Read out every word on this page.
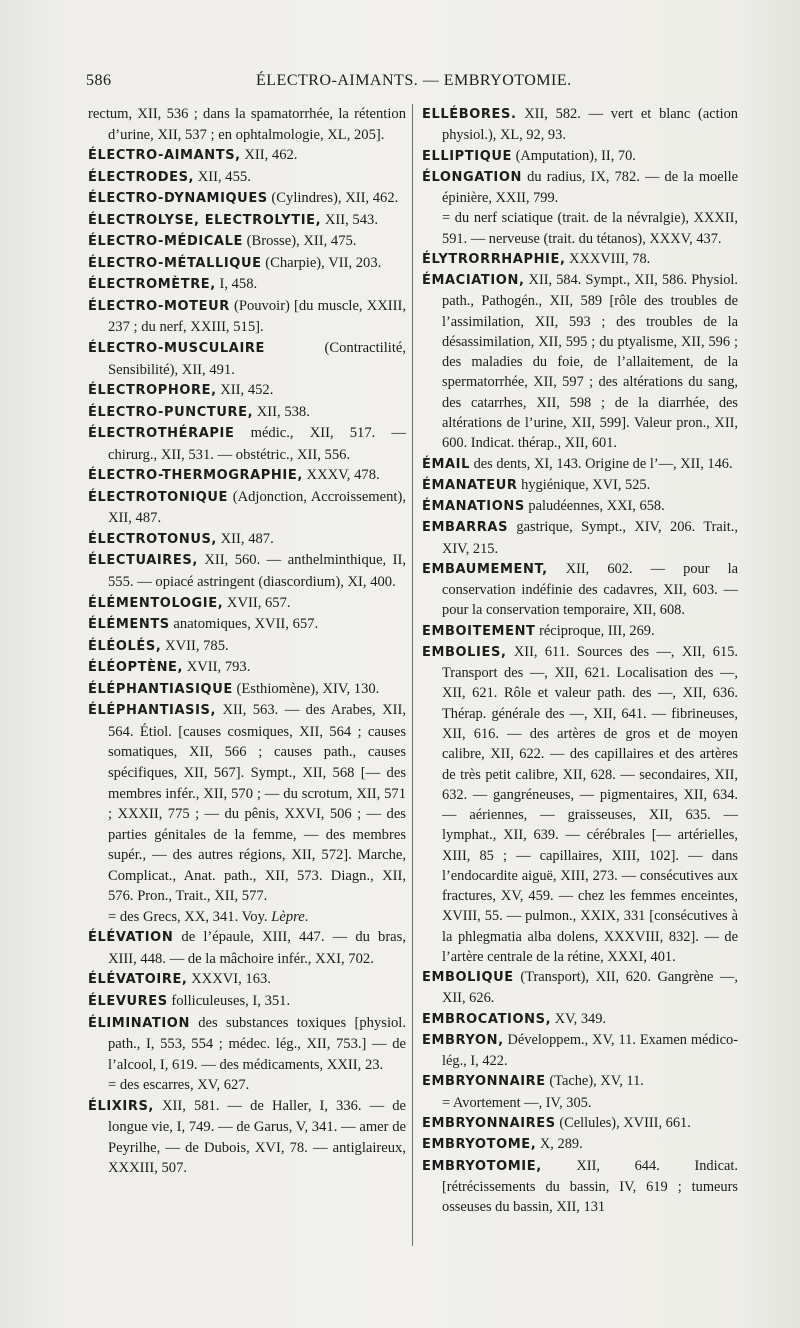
586	ÉLECTRO-AIMANTS. — EMBRYOTOMIE.

rectum, XII, 536 ; dans la spamatorrhée, la rétention d’urine, XII, 537 ; en ophtalmologie, XL, 205].

ÉLECTRO-AIMANTS, XII, 462.

ÉLECTRODES, XII, 455.

ÉLECTRO-DYNAMIQUES (Cylindres), XII, 462.

ÉLECTROLYSE, ELECTROLYTIE, XII, 543.

ÉLECTRO-MÉDICALE (Brosse), XII, 475.

ÉLECTRO-MÉTALLIQUE (Charpie), VII, 203.

ÉLECTROMÈTRE, I, 458.

ÉLECTRO-MOTEUR (Pouvoir) [du muscle, XXIII, 237 ; du nerf, XXIII, 515].

ÉLECTRO-MUSCULAIRE (Contractilité, Sensibilité), XII, 491.

ÉLECTROPHORE, XII, 452.

ÉLECTRO-PUNCTURE, XII, 538.

ÉLECTROTHÉRAPIE médic., XII, 517. — chirurg., XII, 531. — obstétric., XII, 556.

ÉLECTRO-THERMOGRAPHIE, XXXV, 478.

ÉLECTROTONIQUE (Adjonction, Accroissement), XII, 487.

ÉLECTROTONUS, XII, 487.

ÉLECTUAIRES, XII, 560. — anthelminthique, II, 555. — opiacé astringent (diascordium), XI, 400.

ÉLÉMENTOLOGIE, XVII, 657.

ÉLÉMENTS anatomiques, XVII, 657.

ÉLÉOLÉS, XVII, 785.

ÉLÉOPTÈNE, XVII, 793.

ÉLÉPHANTIASIQUE (Esthiomène), XIV, 130.

ÉLÉPHANTIASIS, XII, 563. — des Arabes, XII, 564. Étiol. [causes cosmiques, XII, 564 ; causes somatiques, XII, 566 ; causes path., causes spécifiques, XII, 567]. Sympt., XII, 568 [— des membres infér., XII, 570 ; — du scrotum, XII, 571 ; XXXII, 775 ; — du pênis, XXVI, 506 ; — des parties génitales de la femme, — des membres supér., — des autres régions, XII, 572]. Marche, Complicat., Anat. path., XII, 573. Diagn., XII, 576. Pron., Trait., XII, 577.

= des Grecs, XX, 341. Voy. Lèpre.

ÉLÉVATION de l’épaule, XIII, 447. — du bras, XIII, 448. — de la mâchoire infér., XXI, 702.

ÉLÉVATOIRE, XXXVI, 163.

ÉLEVURES folliculeuses, I, 351.

ÉLIMINATION des substances toxiques [physiol. path., I, 553, 554 ; médec. lég., XII, 753.] — de l’alcool, I, 619. — des médicaments, XXII, 23.

= des escarres, XV, 627.

ÉLIXIRS, XII, 581. — de Haller, I, 336. — de longue vie, I, 749. — de Garus, V, 341. — amer de Peyrilhe, — de Dubois, XVI, 78. — antiglaireux, XXXIII, 507.

ELLÉBORES. XII, 582. — vert et blanc (action physiol.), XL, 92, 93.

ELLIPTIQUE (Amputation), II, 70.

ÉLONGATION du radius, IX, 782. — de la moelle épinière, XXII, 799.

= du nerf sciatique (trait. de la névralgie), XXXII, 591. — nerveuse (trait. du tétanos), XXXV, 437.

ÉLYTRORRHAPHIE, XXXVIII, 78.

ÉMACIATION, XII, 584. Sympt., XII, 586. Physiol. path., Pathogén., XII, 589 [rôle des troubles de l’assimilation, XII, 593 ; des troubles de la désassimilation, XII, 595 ; du ptyalisme, XII, 596 ; des maladies du foie, de l’allaitement, de la spermatorrhée, XII, 597 ; des altérations du sang, des catarrhes, XII, 598 ; de la diarrhée, des altérations de l’urine, XII, 599]. Valeur pron., XII, 600. Indicat. thérap., XII, 601.

ÉMAIL des dents, XI, 143. Origine de l’—, XII, 146.

ÉMANATEUR hygiénique, XVI, 525.

ÉMANATIONS paludéennes, XXI, 658.

EMBARRAS gastrique, Sympt., XIV, 206. Trait., XIV, 215.

EMBAUMEMENT, XII, 602. — pour la conservation indéfinie des cadavres, XII, 603. — pour la conservation temporaire, XII, 608.

EMBOITEMENT réciproque, III, 269.

EMBOLIES, XII, 611. Sources des —, XII, 615. Transport des —, XII, 621. Localisation des —, XII, 621. Rôle et valeur path. des —, XII, 636. Thérap. générale des —, XII, 641. — fibrineuses, XII, 616. — des artères de gros et de moyen calibre, XII, 622. — des capillaires et des artères de très petit calibre, XII, 628. — secondaires, XII, 632. — gangréneuses, — pigmentaires, XII, 634. — aériennes, — graisseuses, XII, 635. — lymphat., XII, 639. — cérébrales [— artérielles, XIII, 85 ; — capillaires, XIII, 102]. — dans l’endocardite aiguë, XIII, 273. — consécutives aux fractures, XV, 459. — chez les femmes enceintes, XVIII, 55. — pulmon., XXIX, 331 [consécutives à la phlegmatia alba dolens, XXXVIII, 832]. — de l’artère centrale de la rétine, XXXI, 401.

EMBOLIQUE (Transport), XII, 620. Gangrène —, XII, 626.

EMBROCATIONS, XV, 349.

EMBRYON, Développem., XV, 11. Examen médico-lég., I, 422.

EMBRYONNAIRE (Tache), XV, 11.

= Avortement —, IV, 305.

EMBRYONNAIRES (Cellules), XVIII, 661.

EMBRYOTOME, X, 289.

EMBRYOTOMIE, XII, 644. Indicat. [rétrécissements du bassin, IV, 619 ; tumeurs osseuses du bassin, XII, 131
